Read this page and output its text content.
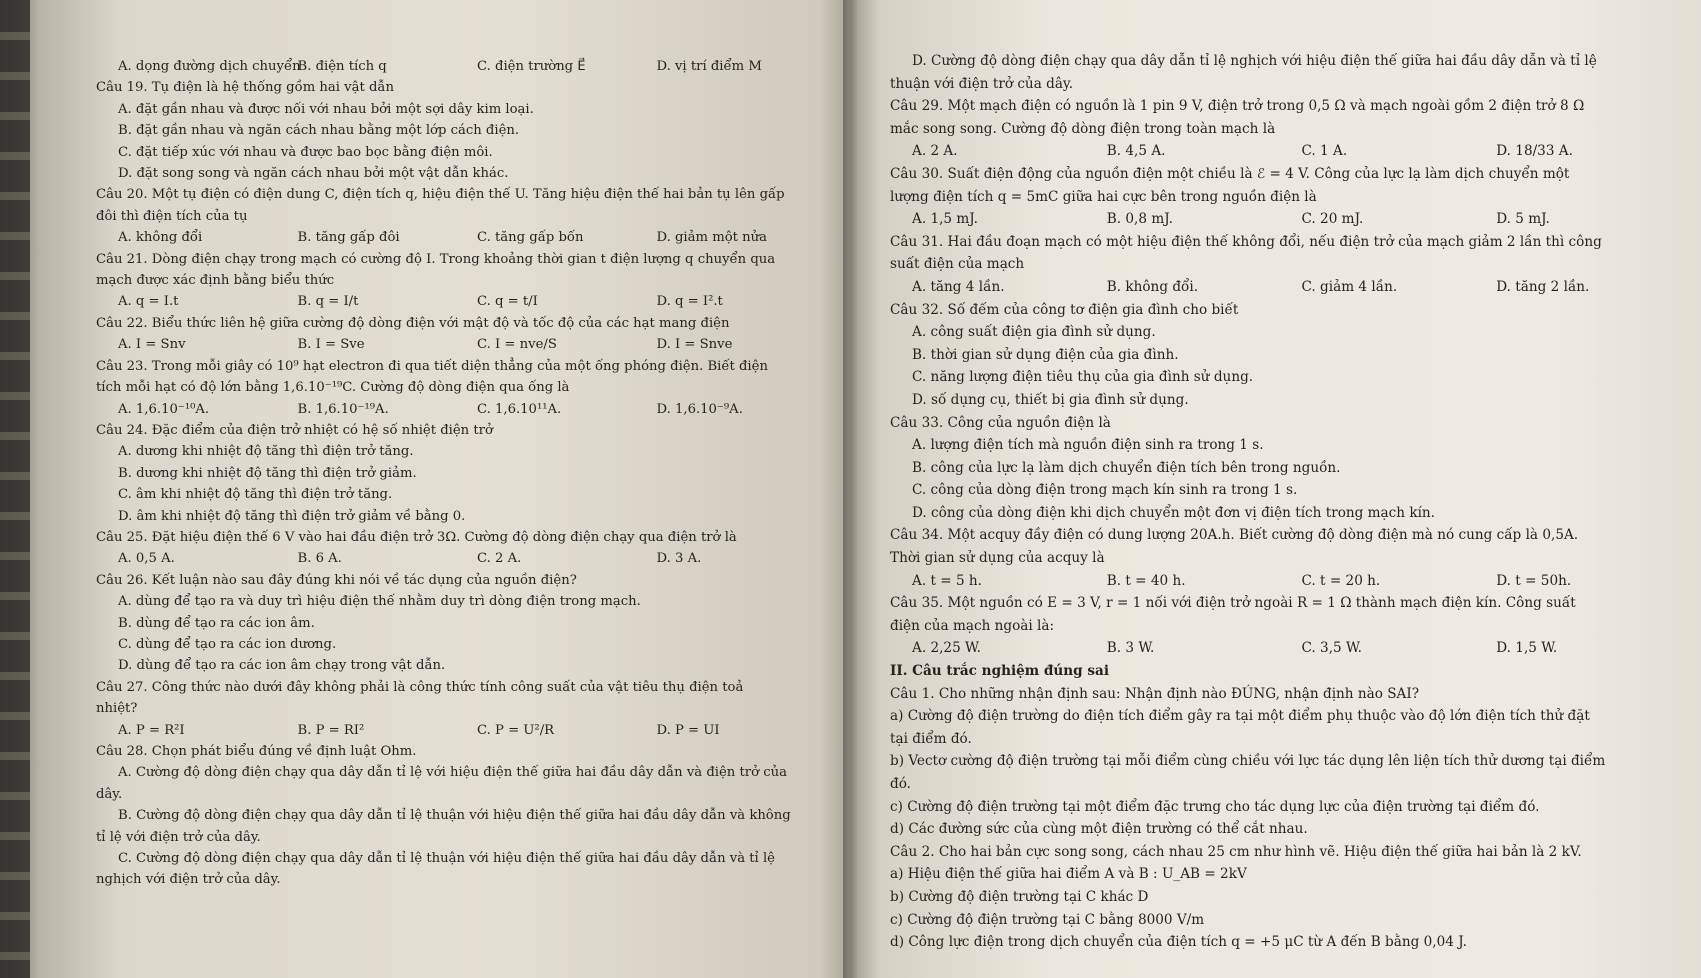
A. dọng đường dịch chuyển
B. điện tích q	C. điện trường E⃗	D. vị trí điểm M
Câu 19. Tụ điện là hệ thống gồm hai vật dẫn
A. đặt gần nhau và được nối với nhau bởi một sợi dây kim loại.
B. đặt gần nhau và ngăn cách nhau bằng một lớp cách điện.
C. đặt tiếp xúc với nhau và được bao bọc bằng điện môi.
D. đặt song song và ngăn cách nhau bởi một vật dẫn khác.
Câu 20. Một tụ điện có điện dung C, điện tích q, hiệu điện thế U. Tăng hiệu điện thế hai bản tụ lên gấp
đôi thì điện tích của tụ
A. không đổi	B. tăng gấp đôi	C. tăng gấp bốn	D. giảm một nửa
Câu 21. Dòng điện chạy trong mạch có cường độ I. Trong khoảng thời gian t điện lượng q chuyển qua
mạch được xác định bằng biểu thức
A. q = I.t	B. q = I/t	C. q = t/I	D. q = I².t
Câu 22. Biểu thức liên hệ giữa cường độ dòng điện với mật độ và tốc độ của các hạt mang điện
A. I = Snv	B. I = Sve	C. I = nve/S	D. I = Snve
Câu 23. Trong mỗi giây có 10⁹ hạt electron đi qua tiết diện thẳng của một ống phóng điện. Biết điện
tích mỗi hạt có độ lớn bằng 1,6.10⁻¹⁹C. Cường độ dòng điện qua ống là
A. 1,6.10⁻¹⁰A.	B. 1,6.10⁻¹⁹A.	C. 1,6.10¹¹A.	D. 1,6.10⁻⁹A.
Câu 24. Đặc điểm của điện trở nhiệt có hệ số nhiệt điện trở
A. dương khi nhiệt độ tăng thì điện trở tăng.
B. dương khi nhiệt độ tăng thì điện trở giảm.
C. âm khi nhiệt độ tăng thì điện trở tăng.
D. âm khi nhiệt độ tăng thì điện trở giảm về bằng 0.
Câu 25. Đặt hiệu điện thế 6 V vào hai đầu điện trở 3Ω. Cường độ dòng điện chạy qua điện trở là
A. 0,5 A.	B. 6 A.	C. 2 A.	D. 3 A.
Câu 26. Kết luận nào sau đây đúng khi nói về tác dụng của nguồn điện?
A. dùng để tạo ra và duy trì hiệu điện thế nhằm duy trì dòng điện trong mạch.
B. dùng để tạo ra các ion âm.
C. dùng để tạo ra các ion dương.
D. dùng để tạo ra các ion âm chạy trong vật dẫn.
Câu 27. Công thức nào dưới đây không phải là công thức tính công suất của vật tiêu thụ điện toả
nhiệt?
A. P = R²I	B. P = RI²	C. P = U²/R	D. P = UI
Câu 28. Chọn phát biểu đúng về định luật Ohm.
A. Cường độ dòng điện chạy qua dây dẫn tỉ lệ với hiệu điện thế giữa hai đầu dây dẫn và điện trở của
dây.
B. Cường độ dòng điện chạy qua dây dẫn tỉ lệ thuận với hiệu điện thế giữa hai đầu dây dẫn và không
tỉ lệ với điện trở của dây.
C. Cường độ dòng điện chạy qua dây dẫn tỉ lệ thuận với hiệu điện thế giữa hai đầu dây dẫn và tỉ lệ
nghịch với điện trở của dây.
D. Cường độ dòng điện chạy qua dây dẫn tỉ lệ nghịch với hiệu điện thế giữa hai đầu dây dẫn và tỉ lệ
thuận với điện trở của dây.
Câu 29. Một mạch điện có nguồn là 1 pin 9 V, điện trở trong 0,5 Ω và mạch ngoài gồm 2 điện trở 8 Ω
mắc song song. Cường độ dòng điện trong toàn mạch là
A. 2 A.	B. 4,5 A.	C. 1 A.	D. 18/33 A.
Câu 30. Suất điện động của nguồn điện một chiều là ℰ = 4 V. Công của lực lạ làm dịch chuyển một
lượng điện tích q = 5mC giữa hai cực bên trong nguồn điện là
A. 1,5 mJ.	B. 0,8 mJ.	C. 20 mJ.	D. 5 mJ.
Câu 31. Hai đầu đoạn mạch có một hiệu điện thế không đổi, nếu điện trở của mạch giảm 2 lần thì công
suất điện của mạch
A. tăng 4 lần.	B. không đổi.	C. giảm 4 lần.	D. tăng 2 lần.
Câu 32. Số đếm của công tơ điện gia đình cho biết
A. công suất điện gia đình sử dụng.
B. thời gian sử dụng điện của gia đình.
C. năng lượng điện tiêu thụ của gia đình sử dụng.
D. số dụng cụ, thiết bị gia đình sử dụng.
Câu 33. Công của nguồn điện là
A. lượng điện tích mà nguồn điện sinh ra trong 1 s.
B. công của lực lạ làm dịch chuyển điện tích bên trong nguồn.
C. công của dòng điện trong mạch kín sinh ra trong 1 s.
D. công của dòng điện khi dịch chuyển một đơn vị điện tích trong mạch kín.
Câu 34. Một acquy đầy điện có dung lượng 20A.h. Biết cường độ dòng điện mà nó cung cấp là 0,5A.
Thời gian sử dụng của acquy là
A. t = 5 h.	B. t = 40 h.	C. t = 20 h.	D. t = 50h.
Câu 35. Một nguồn có E = 3 V, r = 1 nối với điện trở ngoài R = 1 Ω thành mạch điện kín. Công suất
điện của mạch ngoài là:
A. 2,25 W.	B. 3 W.	C. 3,5 W.	D. 1,5 W.
II. Câu trắc nghiệm đúng sai
Câu 1. Cho những nhận định sau: Nhận định nào ĐÚNG, nhận định nào SAI?
a) Cường độ điện trường do điện tích điểm gây ra tại một điểm phụ thuộc vào độ lớn điện tích thử đặt
tại điểm đó.
b) Vectơ cường độ điện trường tại mỗi điểm cùng chiều với lực tác dụng lên liện tích thử dương tại điểm
đó.
c) Cường độ điện trường tại một điểm đặc trưng cho tác dụng lực của điện trường tại điểm đó.
d) Các đường sức của cùng một điện trường có thể cắt nhau.
Câu 2. Cho hai bản cực song song, cách nhau 25 cm như hình vẽ. Hiệu điện thế giữa hai bản là 2 kV.
a) Hiệu điện thế giữa hai điểm A và B : U_AB = 2kV
b) Cường độ điện trường tại C khác D
c) Cường độ điện trường tại C bằng 8000 V/m
d) Công lực điện trong dịch chuyển của điện tích q = +5 μC từ A đến B bằng 0,04 J.
